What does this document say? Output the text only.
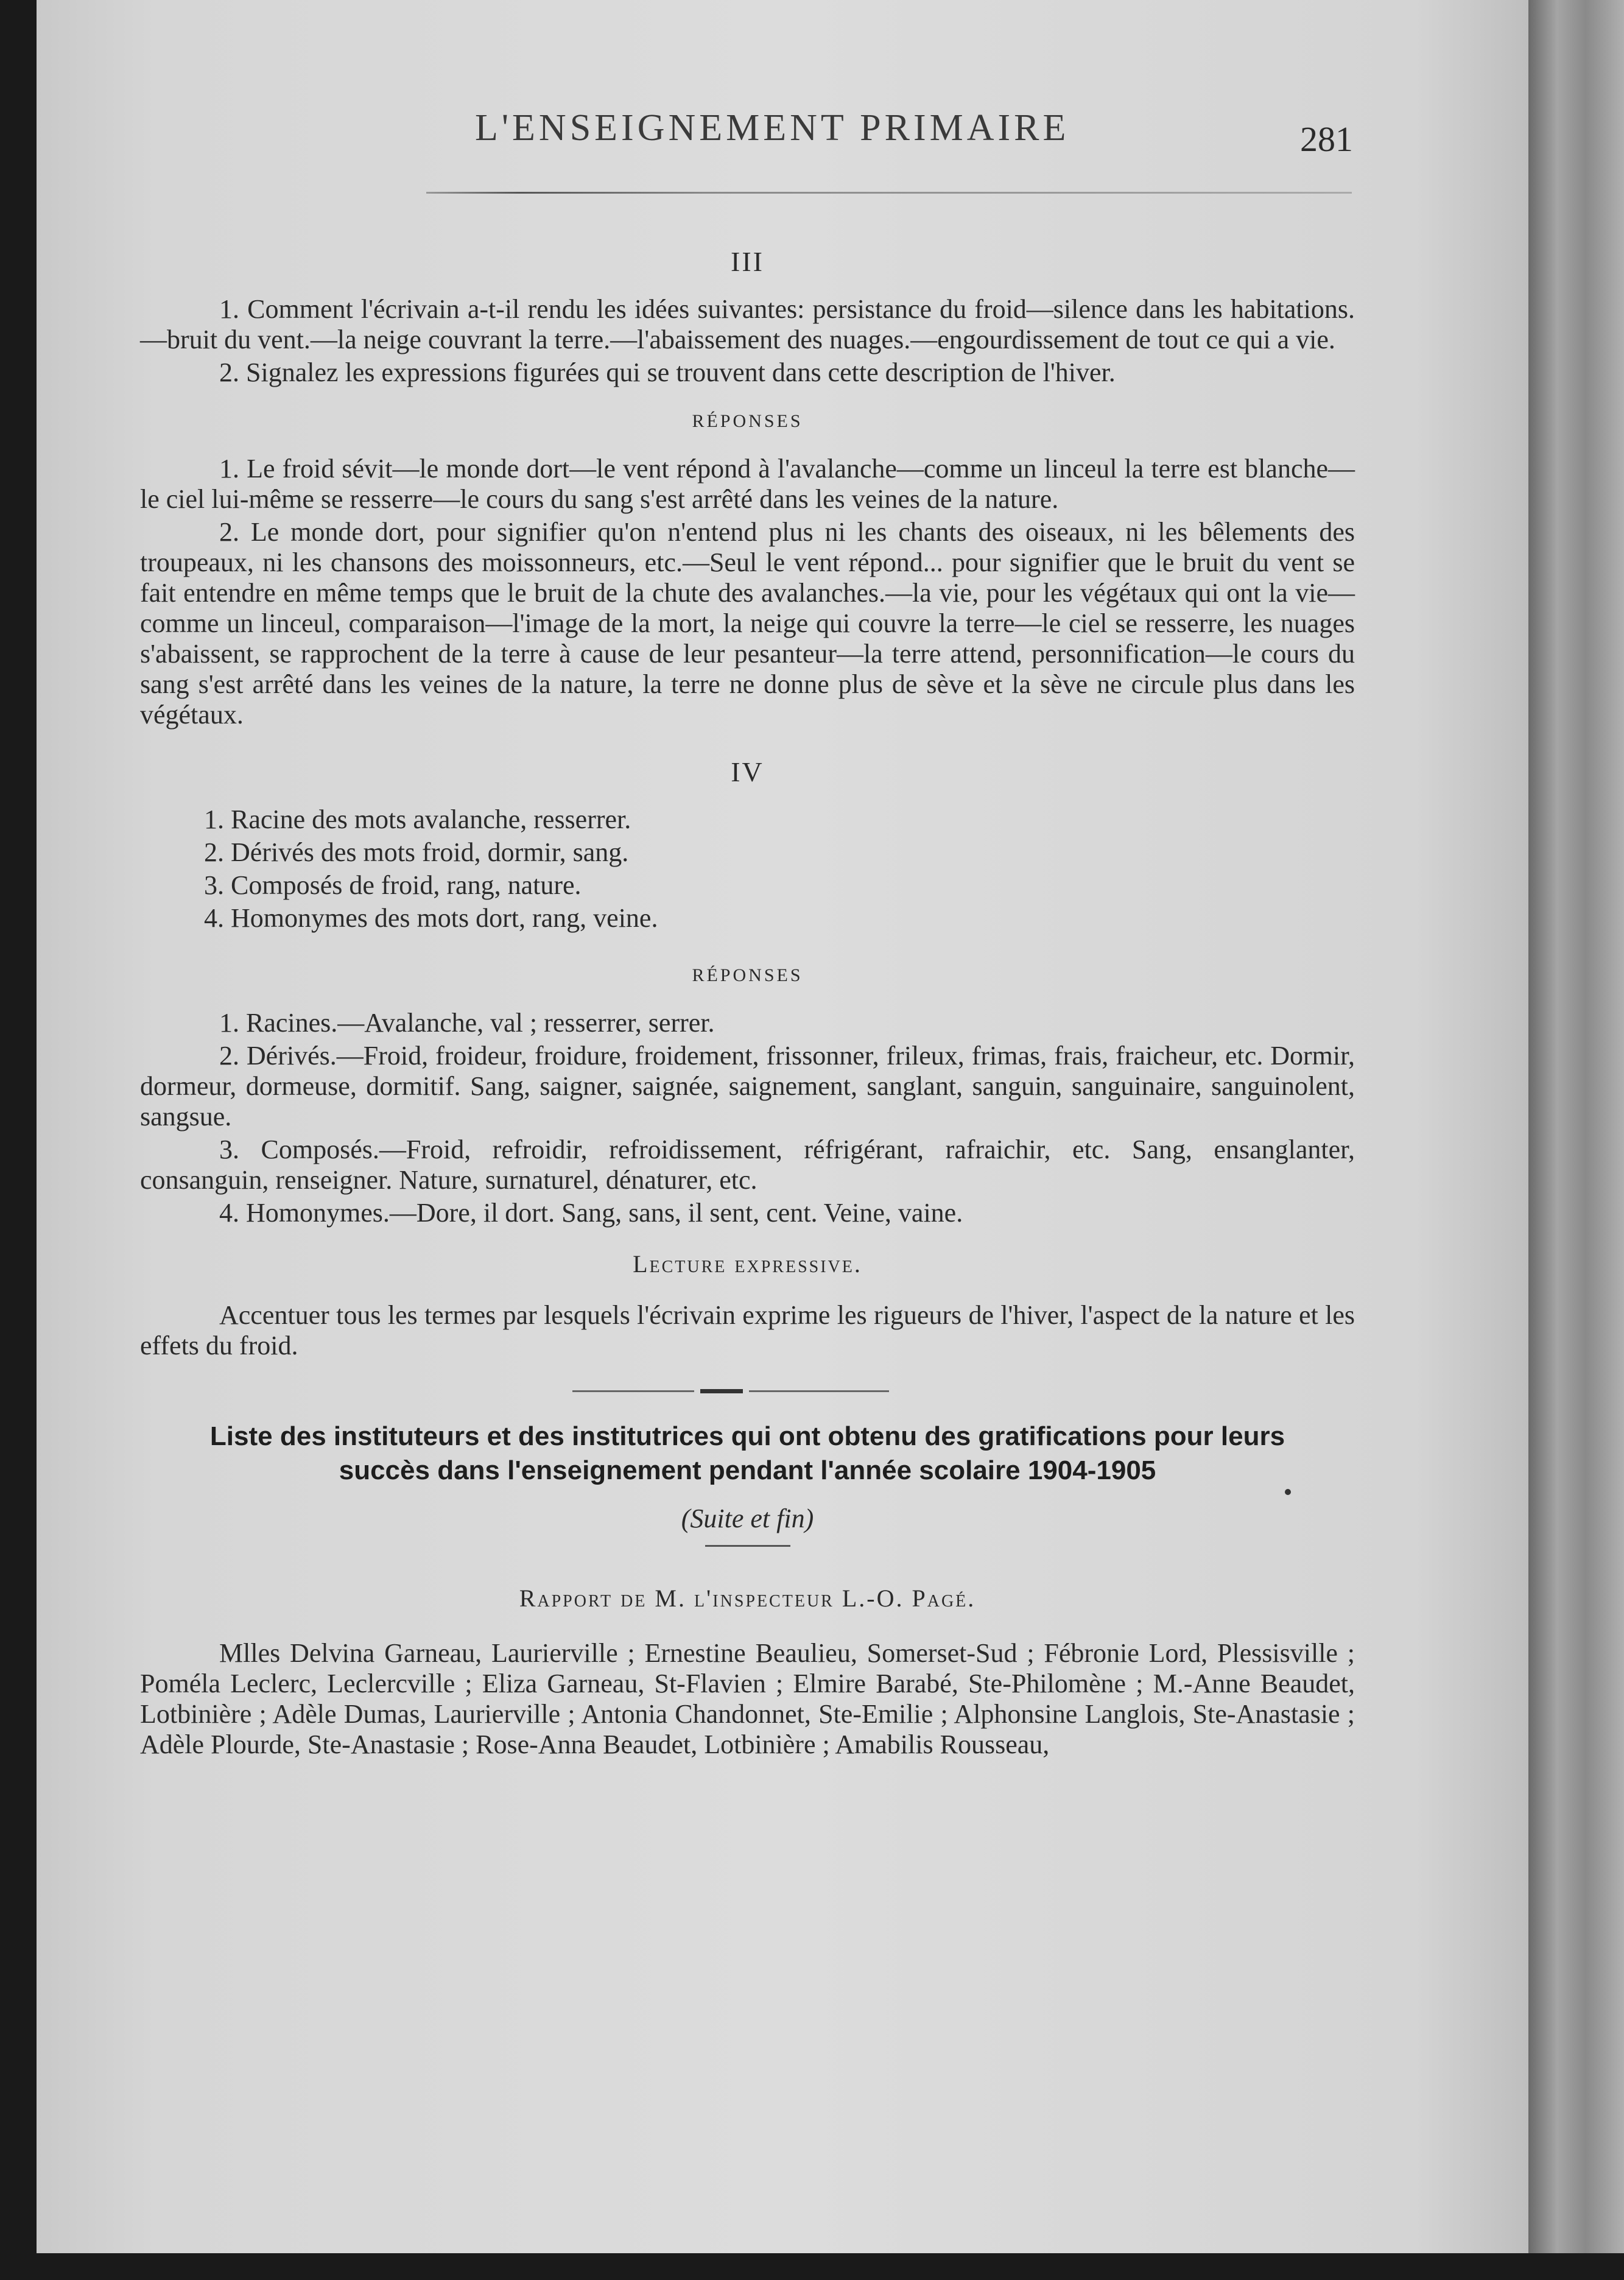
L'ENSEIGNEMENT PRIMAIRE	281
III

1. Comment l'écrivain a-t-il rendu les idées suivantes: persistance du froid—silence dans les habitations.—bruit du vent.—la neige couvrant la terre.—l'abaissement des nuages.—engourdissement de tout ce qui a vie.

2. Signalez les expressions figurées qui se trouvent dans cette description de l'hiver.

RÉPONSES

1. Le froid sévit—le monde dort—le vent répond à l'avalanche—comme un linceul la terre est blanche—le ciel lui-même se resserre—le cours du sang s'est arrêté dans les veines de la nature.

2. Le monde dort, pour signifier qu'on n'entend plus ni les chants des oiseaux, ni les bêlements des troupeaux, ni les chansons des moissonneurs, etc.—Seul le vent répond... pour signifier que le bruit du vent se fait entendre en même temps que le bruit de la chute des avalanches.—la vie, pour les végétaux qui ont la vie—comme un linceul, comparaison—l'image de la mort, la neige qui couvre la terre—le ciel se resserre, les nuages s'abaissent, se rapprochent de la terre à cause de leur pesanteur—la terre attend, personnification—le cours du sang s'est arrêté dans les veines de la nature, la terre ne donne plus de sève et la sève ne circule plus dans les végétaux.

IV
1. Racine des mots avalanche, resserrer.
2. Dérivés des mots froid, dormir, sang.
3. Composés de froid, rang, nature.
4. Homonymes des mots dort, rang, veine.
RÉPONSES

1. Racines.—Avalanche, val ; resserrer, serrer.

2. Dérivés.—Froid, froideur, froidure, froidement, frissonner, frileux, frimas, frais, fraicheur, etc. Dormir, dormeur, dormeuse, dormitif. Sang, saigner, saignée, saignement, sanglant, sanguin, sanguinaire, sanguinolent, sangsue.

3. Composés.—Froid, refroidir, refroidissement, réfrigérant, rafraichir, etc. Sang, ensanglanter, consanguin, renseigner. Nature, surnaturel, dénaturer, etc.

4. Homonymes.—Dore, il dort. Sang, sans, il sent, cent. Veine, vaine.

Lecture expressive.

Accentuer tous les termes par lesquels l'écrivain exprime les rigueurs de l'hiver, l'aspect de la nature et les effets du froid.

Liste des instituteurs et des institutrices qui ont obtenu des gratifications pour leurs
succès dans l'enseignement pendant l'année scolaire 1904-1905
(Suite et fin)
Rapport de M. l'inspecteur L.-O. Pagé.

Mlles Delvina Garneau, Laurierville ; Ernestine Beaulieu, Somerset-Sud ; Fébronie Lord, Plessisville ; Poméla Leclerc, Leclercville ; Eliza Garneau, St-Flavien ; Elmire Barabé, Ste-Philomène ; M.-Anne Beaudet, Lotbinière ; Adèle Dumas, Laurierville ; Antonia Chandonnet, Ste-Emilie ; Alphonsine Langlois, Ste-Anastasie ; Adèle Plourde, Ste-Anastasie ; Rose-Anna Beaudet, Lotbinière ; Amabilis Rousseau,
